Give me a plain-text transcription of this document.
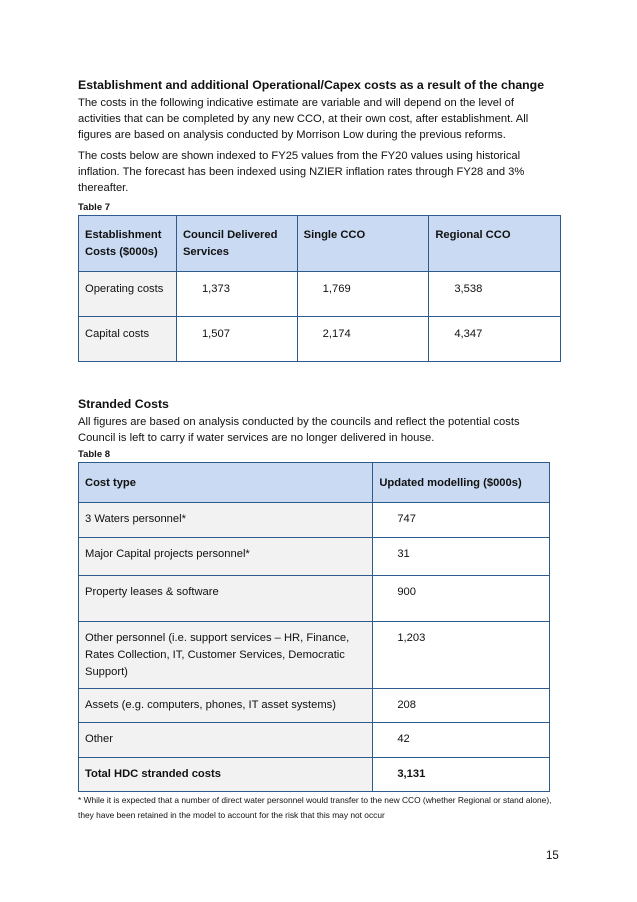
Establishment and additional Operational/Capex costs as a result of the change

The costs in the following indicative estimate are variable and will depend on the level of activities that can be completed by any new CCO, at their own cost, after establishment. All figures are based on analysis conducted by Morrison Low during the previous reforms.

The costs below are shown indexed to FY25 values from the FY20 values using historical inflation. The forecast has been indexed using NZIER inflation rates through FY28 and 3% thereafter.

Table 7
Establishment Costs ($000s)	Council Delivered Services	Single CCO	Regional CCO
Operating costs	1,373	1,769	3,538
Capital costs	1,507	2,174	4,347
Stranded Costs

All figures are based on analysis conducted by the councils and reflect the potential costs Council is left to carry if water services are no longer delivered in house.

Table 8
Cost type	Updated modelling ($000s)
3 Waters personnel*	747
Major Capital projects personnel*	31
Property leases & software	900
Other personnel (i.e. support services – HR, Finance, Rates Collection, IT, Customer Services, Democratic Support)	1,203
Assets (e.g. computers, phones, IT asset systems)	208
Other	42
Total HDC stranded costs	3,131

* While it is expected that a number of direct water personnel would transfer to the new CCO (whether Regional or stand alone), they have been retained in the model to account for the risk that this may not occur

15
